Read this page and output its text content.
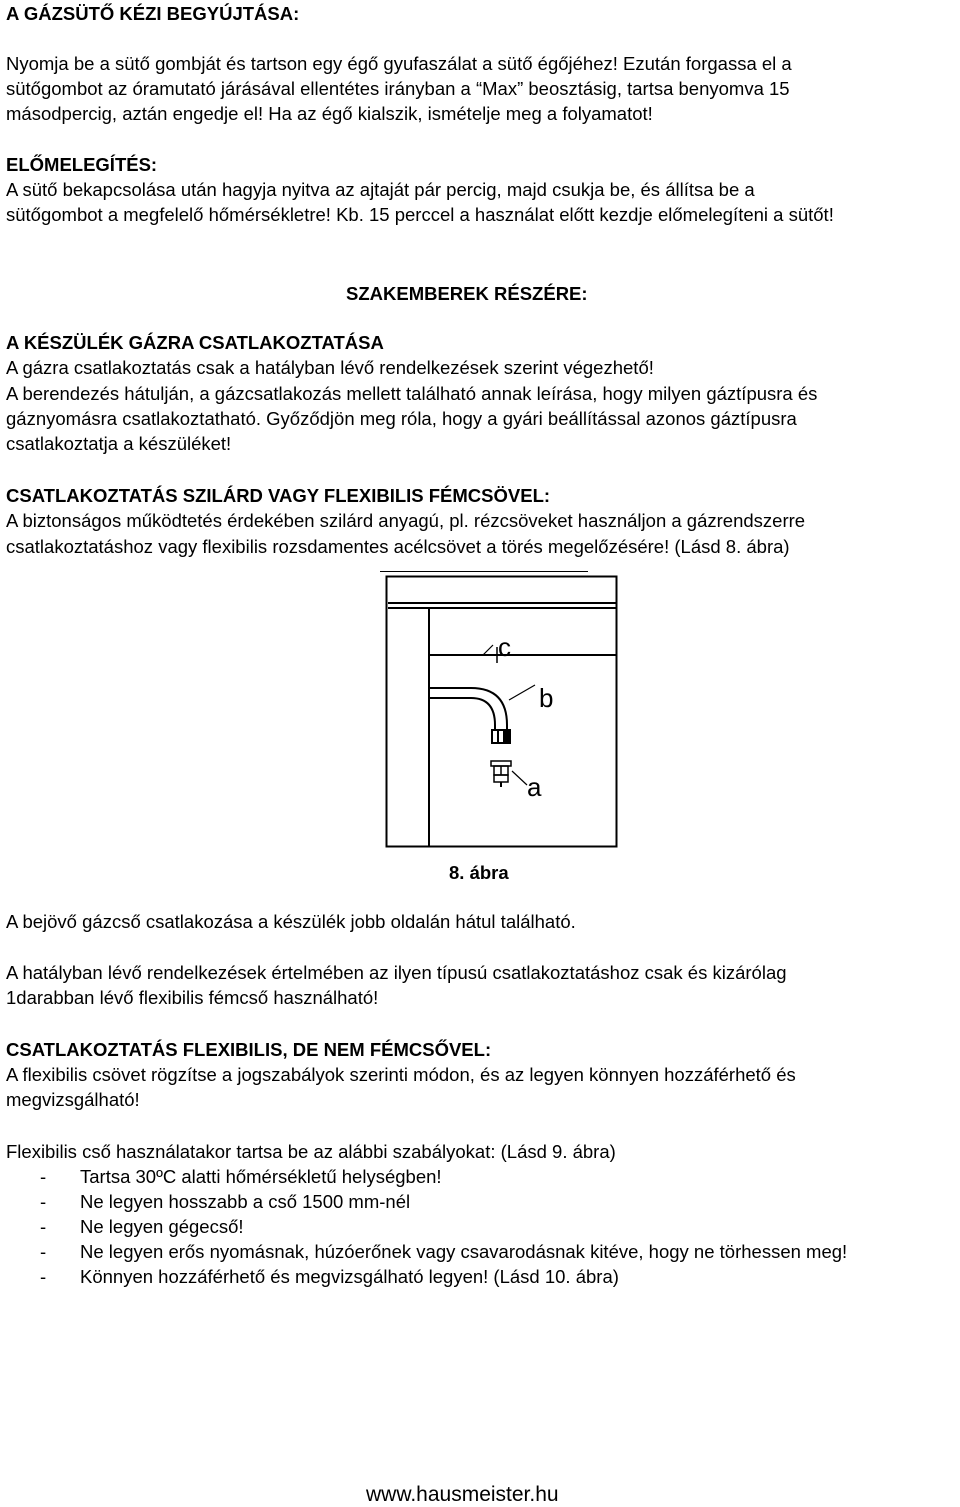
A GÁZSÜTŐ KÉZI BEGYÚJTÁSA:
Nyomja be a sütő gombját és tartson egy égő gyufaszálat a sütő égőjéhez! Ezután forgassa el a
sütőgombot az óramutató járásával ellentétes irányban a “Max” beosztásig, tartsa benyomva 15
másodpercig, aztán engedje el! Ha az égő kialszik, ismételje meg a folyamatot!
ELŐMELEGÍTÉS:
A sütő bekapcsolása után hagyja nyitva az ajtaját pár percig, majd csukja be, és állítsa be a
sütőgombot a megfelelő hőmérsékletre! Kb. 15 perccel a használat előtt kezdje előmelegíteni a sütőt!
SZAKEMBEREK RÉSZÉRE:
A KÉSZÜLÉK GÁZRA CSATLAKOZTATÁSA
A gázra csatlakoztatás csak a hatályban lévő rendelkezések szerint végezhető!
A berendezés hátulján, a gázcsatlakozás mellett található annak leírása, hogy milyen gáztípusra és
gáznyomásra csatlakoztatható. Győződjön meg róla, hogy a gyári beállítással azonos gáztípusra
csatlakoztatja a készüléket!
CSATLAKOZTATÁS SZILÁRD VAGY FLEXIBILIS FÉMCSÖVEL:
A biztonságos működtetés érdekében szilárd anyagú, pl. rézcsöveket használjon a gázrendszerre
csatlakoztatáshoz vagy flexibilis rozsdamentes acélcsövet a törés megelőzésére! (Lásd 8. ábra)
c
b
a
8. ábra
A bejövő gázcső csatlakozása a készülék jobb oldalán hátul található.
A hatályban lévő rendelkezések értelmében az ilyen típusú csatlakoztatáshoz csak és kizárólag
1darabban lévő flexibilis fémcső használható!
CSATLAKOZTATÁS FLEXIBILIS, DE NEM FÉMCSŐVEL:
A flexibilis csövet rögzítse a jogszabályok szerinti módon, és az legyen könnyen hozzáférhető és
megvizsgálható!
Flexibilis cső használatakor tartsa be az alábbi szabályokat: (Lásd 9. ábra)
- Tartsa 30ºC alatti hőmérsékletű helységben!
- Ne legyen hosszabb a cső 1500 mm-nél
- Ne legyen gégecső!
- Ne legyen erős nyomásnak, húzóerőnek vagy csavarodásnak kitéve, hogy ne törhessen meg!
- Könnyen hozzáférhető és megvizsgálható legyen! (Lásd 10. ábra)
www.hausmeister.hu
